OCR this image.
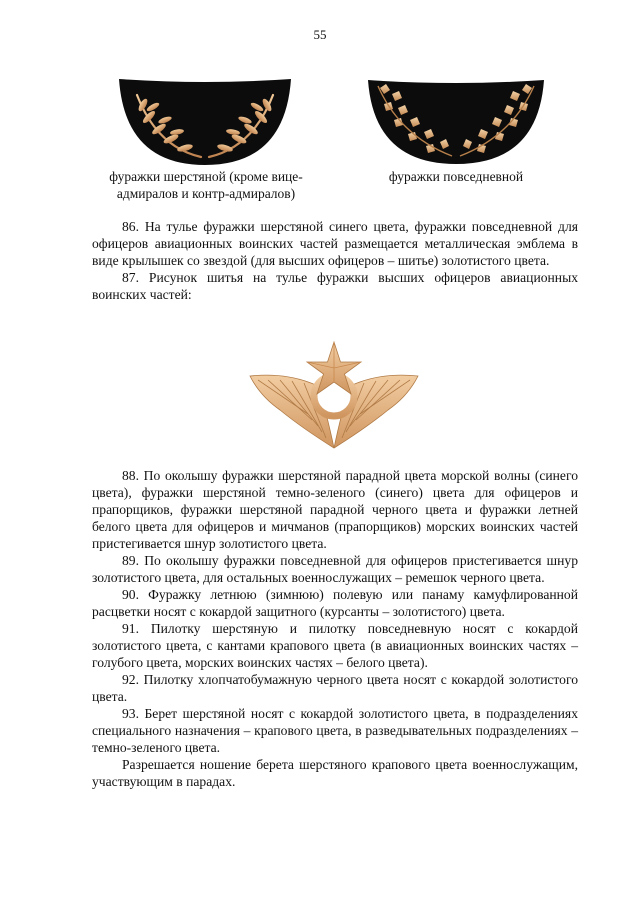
55
фуражки шерстяной (кроме вице-
адмиралов и контр-адмиралов)
фуражки повседневной

86. На тулье фуражки шерстяной синего цвета, фуражки повседневной для офицеров авиационных воинских частей размещается металлическая эмблема в виде крылышек со звездой (для высших офицеров – шитье) золотистого цвета.

87. Рисунок шитья на тулье фуражки высших офицеров авиационных воинских частей:

88. По околышу фуражки шерстяной парадной цвета морской волны (синего цвета), фуражки шерстяной темно-зеленого (синего) цвета для офицеров и прапорщиков, фуражки шерстяной парадной черного цвета и фуражки летней белого цвета для офицеров и мичманов (прапорщиков) морских воинских частей пристегивается шнур золотистого цвета.

89. По околышу фуражки повседневной для офицеров пристегивается шнур золотистого цвета, для остальных военнослужащих – ремешок черного цвета.

90. Фуражку летнюю (зимнюю) полевую или панаму камуфлированной расцветки носят с кокардой защитного (курсанты – золотистого) цвета.

91. Пилотку шерстяную и пилотку повседневную носят с кокардой золотистого цвета, с кантами крапового цвета (в авиационных воинских частях – голубого цвета, морских воинских частях – белого цвета).

92. Пилотку хлопчатобумажную черного цвета носят с кокардой золотистого цвета.

93. Берет шерстяной носят с кокардой золотистого цвета, в подразделениях специального назначения – крапового цвета, в разведывательных подразделениях – темно-зеленого цвета.

Разрешается ношение берета шерстяного крапового цвета военнослужащим, участвующим в парадах.
